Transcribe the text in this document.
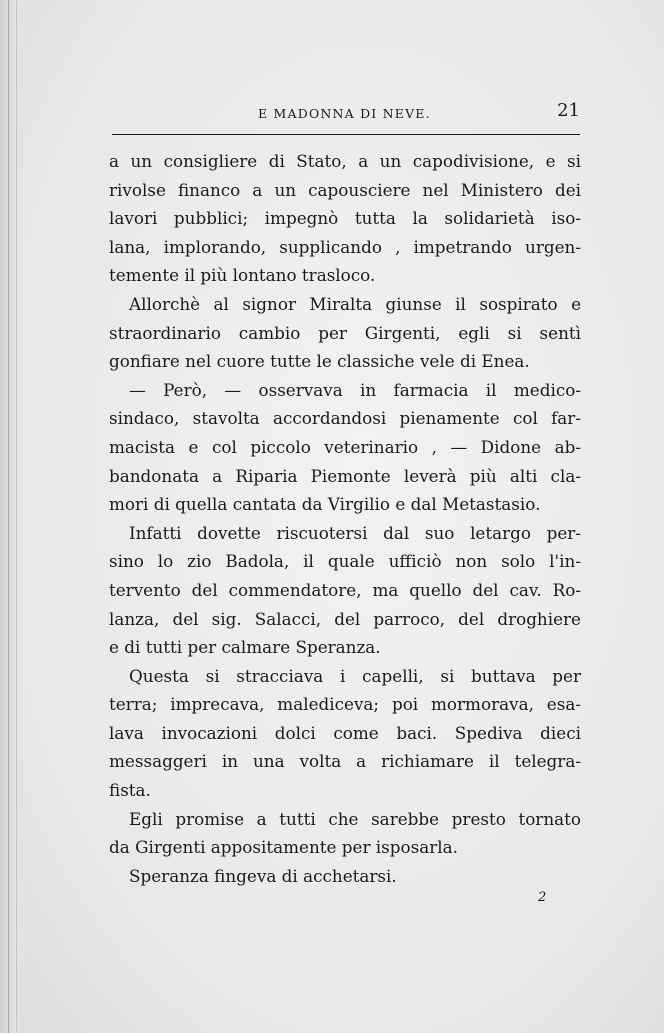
E MADONNA DI NEVE.	21
a un consigliere di Stato, a un capodivisione, e si
rivolse financo a un capousciere nel Ministero dei
lavori pubblici; impegnò tutta la solidarietà iso-
lana, implorando, supplicando , impetrando urgen-
temente il più lontano trasloco.
Allorchè al signor Miralta giunse il sospirato e
straordinario cambio per Girgenti, egli si sentì
gonfiare nel cuore tutte le classiche vele di Enea.
— Però, — osservava in farmacia il medico-
sindaco, stavolta accordandosi pienamente col far-
macista e col piccolo veterinario , — Didone ab-
bandonata a Riparia Piemonte leverà più alti cla-
mori di quella cantata da Virgilio e dal Metastasio.
Infatti dovette riscuotersi dal suo letargo per-
sino lo zio Badola, il quale ufficiò non solo l'in-
tervento del commendatore, ma quello del cav. Ro-
lanza, del sig. Salacci, del parroco, del droghiere
e di tutti per calmare Speranza.
Questa si stracciava i capelli, si buttava per
terra; imprecava, malediceva; poi mormorava, esa-
lava invocazioni dolci come baci. Spediva dieci
messaggeri in una volta a richiamare il telegra-
fista.
Egli promise a tutti che sarebbe presto tornato
da Girgenti appositamente per isposarla.
Speranza fingeva di acchetarsi.
2
